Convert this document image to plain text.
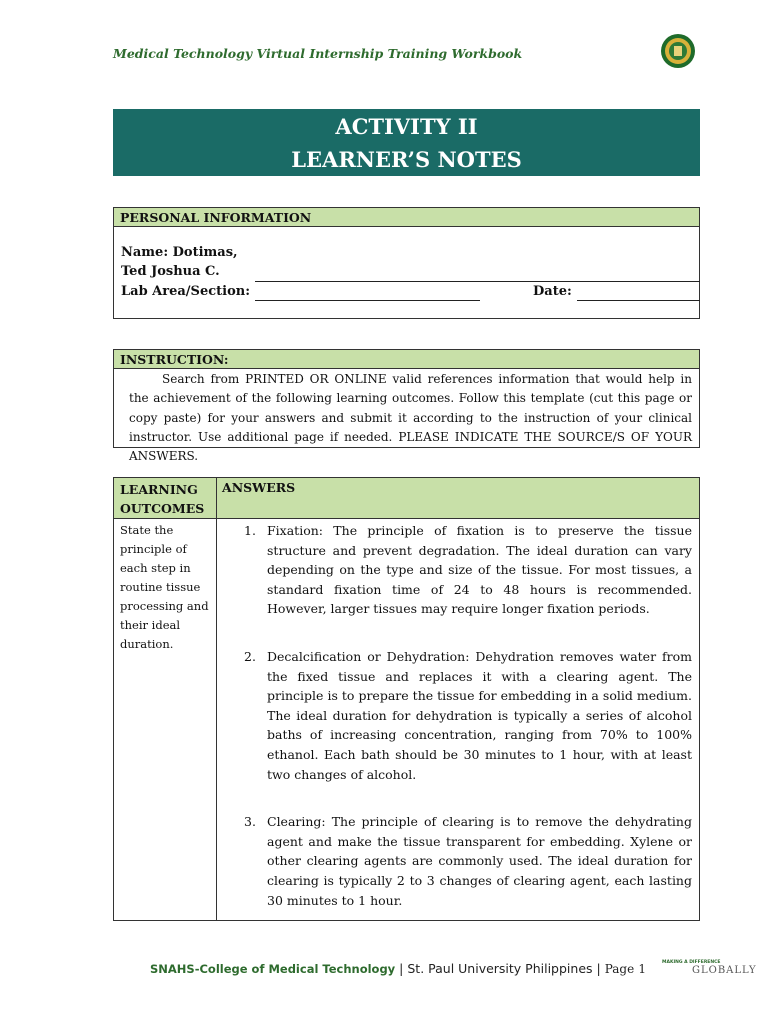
Medical Technology Virtual Internship Training Workbook
ACTIVITY II
LEARNER’S NOTES
PERSONAL INFORMATION
Name: Dotimas,
Ted Joshua C.
Lab Area/Section:	Date:
INSTRUCTION:
Search from PRINTED OR ONLINE valid references information that would help in the achievement of the following learning outcomes. Follow this template (cut this page or copy paste) for your answers and submit it according to the instruction of your clinical instructor. Use additional page if needed. PLEASE INDICATE THE SOURCE/S OF YOUR ANSWERS.
LEARNING OUTCOMES
ANSWERS
State the principle of each step in routine tissue processing and their ideal duration.
1. Fixation: The principle of fixation is to preserve the tissue structure and prevent degradation. The ideal duration can vary depending on the type and size of the tissue. For most tissues, a standard fixation time of 24 to 48 hours is recommended. However, larger tissues may require longer fixation periods.
2. Decalcification or Dehydration: Dehydration removes water from the fixed tissue and replaces it with a clearing agent. The principle is to prepare the tissue for embedding in a solid medium. The ideal duration for dehydration is typically a series of alcohol baths of increasing concentration, ranging from 70% to 100% ethanol. Each bath should be 30 minutes to 1 hour, with at least two changes of alcohol.
3. Clearing: The principle of clearing is to remove the dehydrating agent and make the tissue transparent for embedding. Xylene or other clearing agents are commonly used. The ideal duration for clearing is typically 2 to 3 changes of clearing agent, each lasting 30 minutes to 1 hour.
SNAHS-College of Medical Technology | St. Paul University Philippines | Page 1	MAKING A DIFFERENCE
GLOBALLY
